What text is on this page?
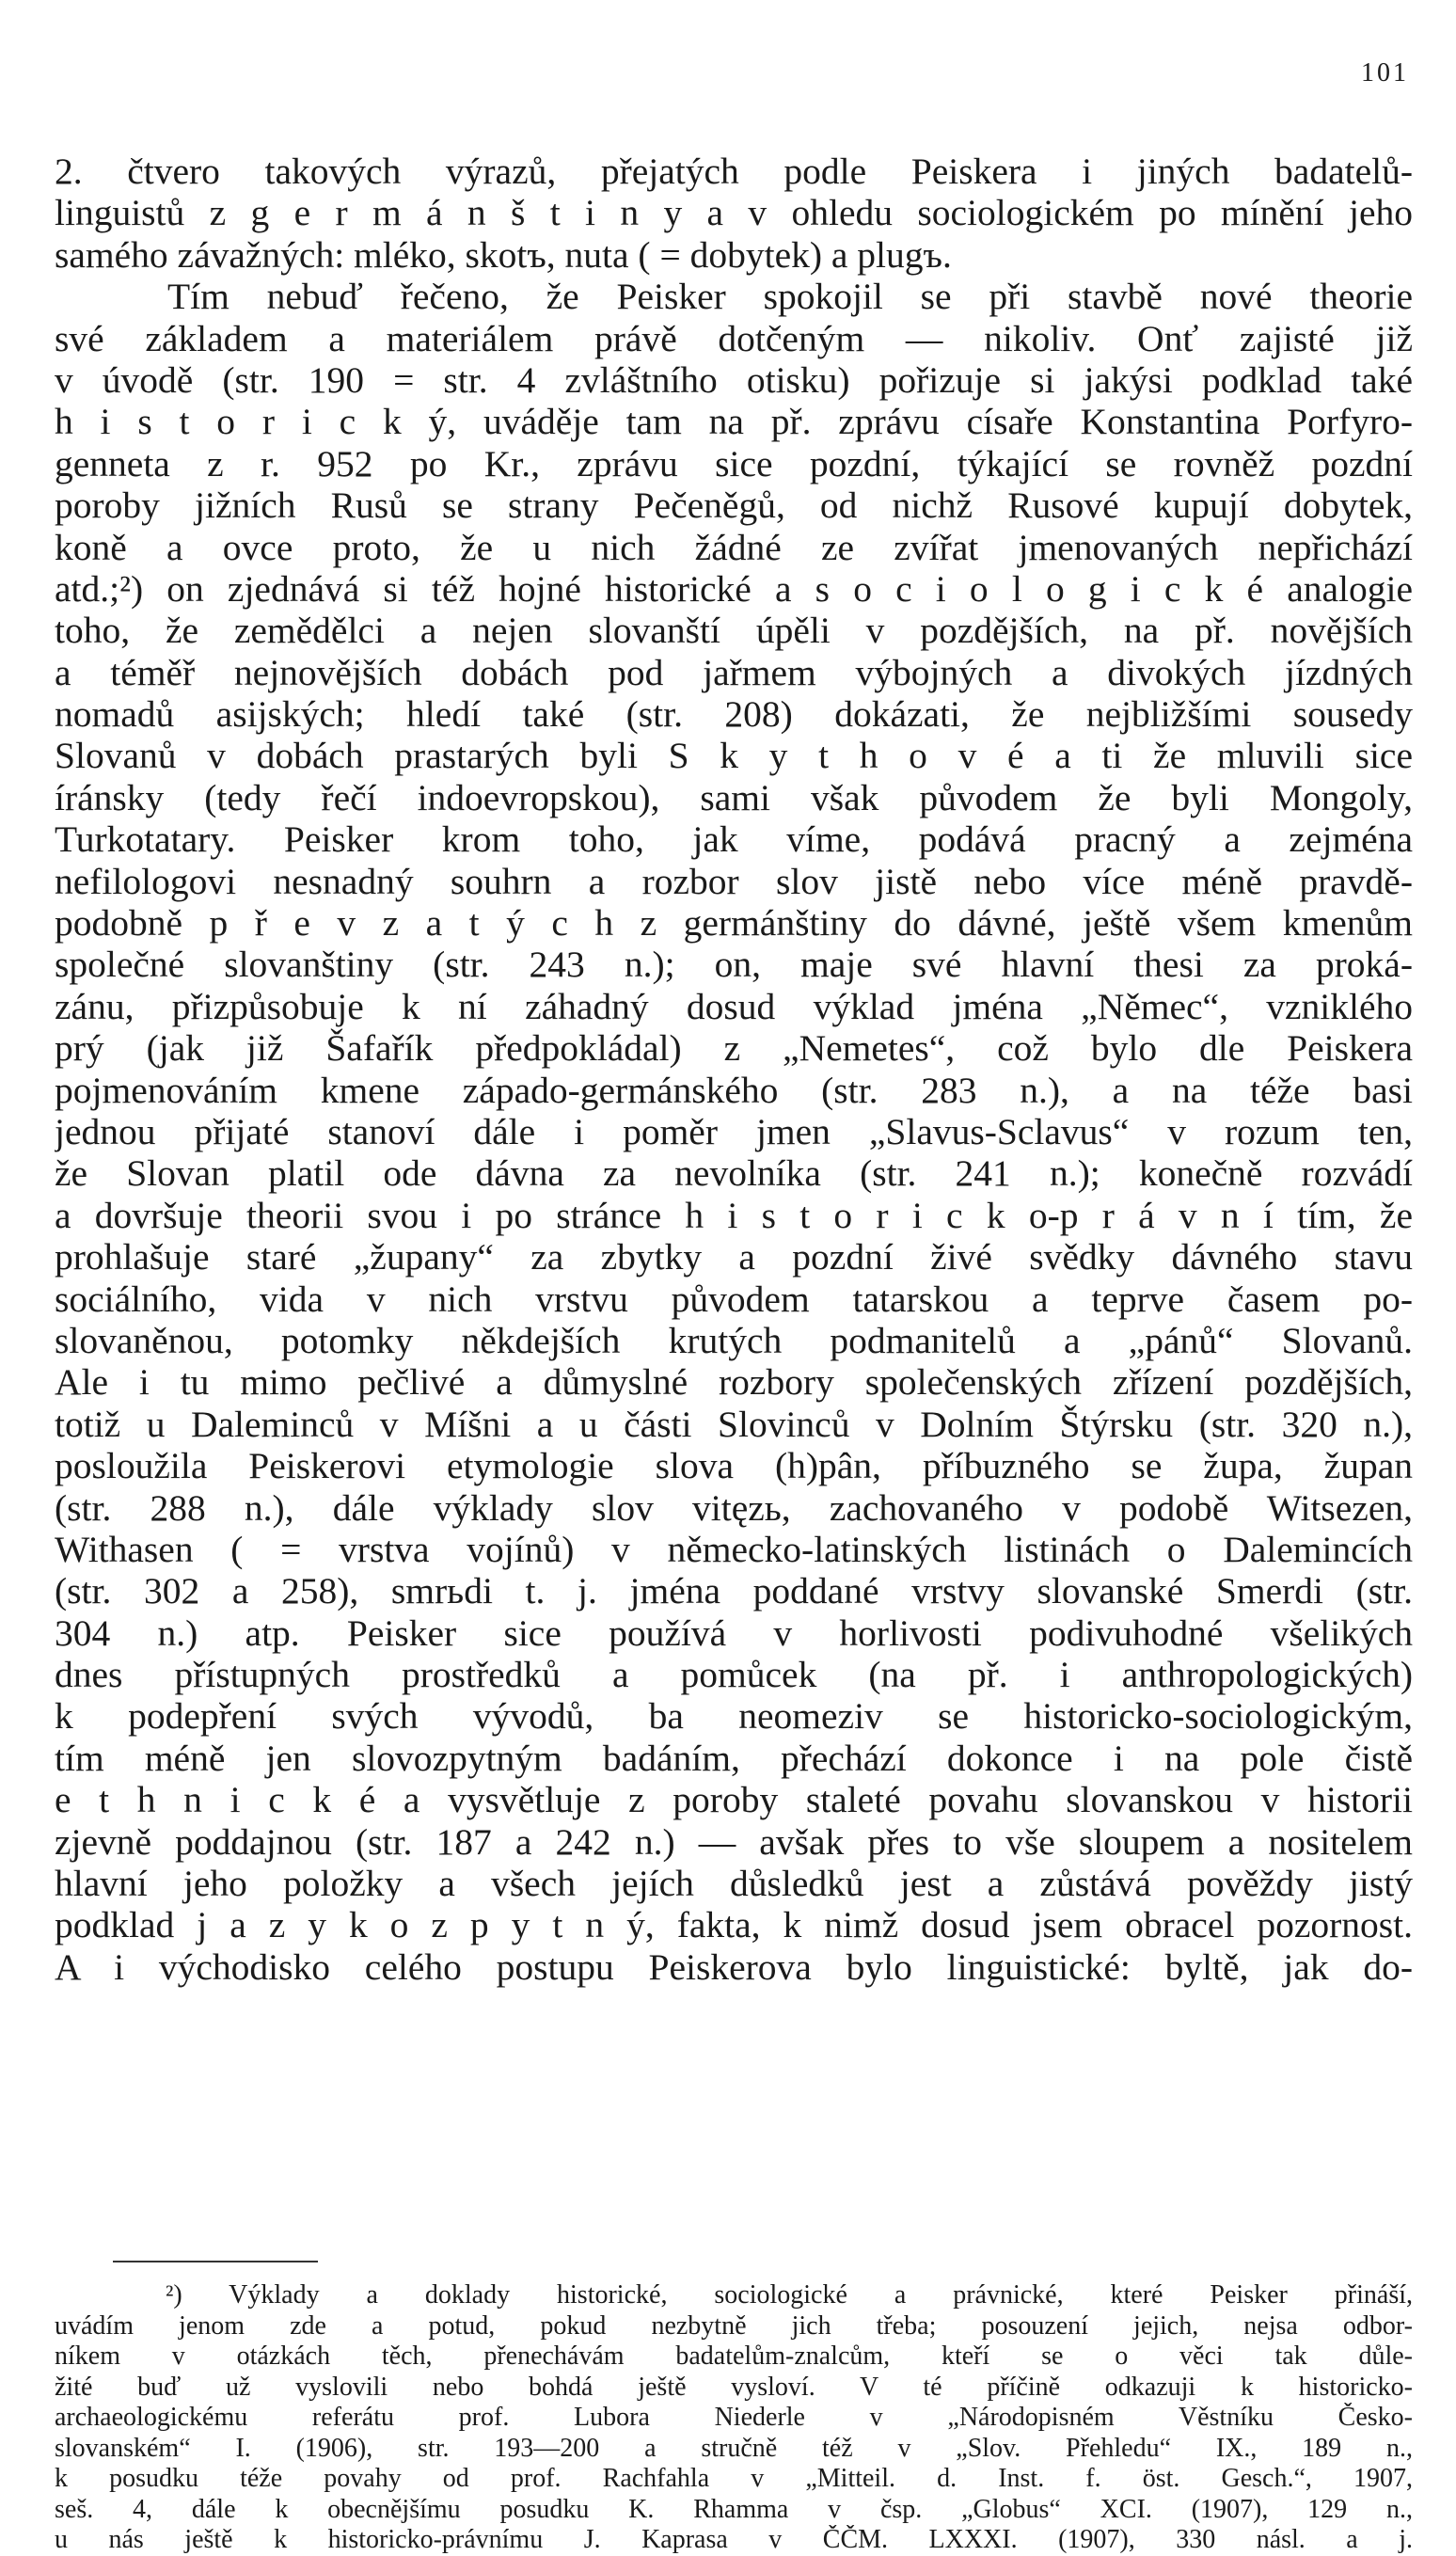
101
2. čtvero takových výrazů, přejatých podle Peiskera i jiných badatelů-
linguistů z g e r m á n š t i n y a v ohledu sociologickém po mínění jeho
samého závažných: mléko, skotъ, nuta ( = dobytek) a plugъ.
Tím nebuď řečeno, že Peisker spokojil se při stavbě nové theorie
své základem a materiálem právě dotčeným — nikoliv. Onť zajisté již
v úvodě (str. 190 = str. 4 zvláštního otisku) pořizuje si jakýsi podklad také
h i s t o r i c k ý, uváděje tam na př. zprávu císaře Konstantina Porfyro-
genneta z r. 952 po Kr., zprávu sice pozdní, týkající se rovněž pozdní
poroby jižních Rusů se strany Pečeněgů, od nichž Rusové kupují dobytek,
koně a ovce proto, že u nich žádné ze zvířat jmenovaných nepřichází
atd.;²) on zjednává si též hojné historické a s o c i o l o g i c k é analogie
toho, že zemědělci a nejen slovanští úpěli v pozdějších, na př. novějších
a téměř nejnovějších dobách pod jařmem výbojných a divokých jízdných
nomadů asijských; hledí také (str. 208) dokázati, že nejbližšími sousedy
Slovanů v dobách prastarých byli S k y t h o v é a ti že mluvili sice
íránsky (tedy řečí indoevropskou), sami však původem že byli Mongoly,
Turkotatary. Peisker krom toho, jak víme, podává pracný a zejména
nefilologovi nesnadný souhrn a rozbor slov jistě nebo více méně pravdě-
podobně p ř e v z a t ý c h z germánštiny do dávné, ještě všem kmenům
společné slovanštiny (str. 243 n.); on, maje své hlavní thesi za proká-
zánu, přizpůsobuje k ní záhadný dosud výklad jména „Němec“, vzniklého
prý (jak již Šafařík předpokládal) z „Nemetes“, což bylo dle Peiskera
pojmenováním kmene západo-germánského (str. 283 n.), a na téže basi
jednou přijaté stanoví dále i poměr jmen „Slavus-Sclavus“ v rozum ten,
že Slovan platil ode dávna za nevolníka (str. 241 n.); konečně rozvádí
a dovršuje theorii svou i po stránce h i s t o r i c k o-p r á v n í tím, že
prohlašuje staré „župany“ za zbytky a pozdní živé svědky dávného stavu
sociálního, vida v nich vrstvu původem tatarskou a teprve časem po-
slovaněnou, potomky někdejších krutých podmanitelů a „pánů“ Slovanů.
Ale i tu mimo pečlivé a důmyslné rozbory společenských zřízení pozdějších,
totiž u Daleminců v Míšni a u části Slovinců v Dolním Štýrsku (str. 320 n.),
posloužila Peiskerovi etymologie slova (h)pân, příbuzného se župa, župan
(str. 288 n.), dále výklady slov vitęzь, zachovaného v podobě Witsezen,
Withasen ( = vrstva vojínů) v německo-latinských listinách o Dalemincích
(str. 302 a 258), smrьdi t. j. jména poddané vrstvy slovanské Smerdi (str.
304 n.) atp. Peisker sice používá v horlivosti podivuhodné všelikých
dnes přístupných prostředků a pomůcek (na př. i anthropologických)
k podepření svých vývodů, ba neomeziv se historicko-sociologickým,
tím méně jen slovozpytným badáním, přechází dokonce i na pole čistě
e t h n i c k é a vysvětluje z poroby staleté povahu slovanskou v historii
zjevně poddajnou (str. 187 a 242 n.) — avšak přes to vše sloupem a nositelem
hlavní jeho položky a všech jejích důsledků jest a zůstává pověždy jistý
podklad j a z y k o z p y t n ý, fakta, k nimž dosud jsem obracel pozornost.
A i východisko celého postupu Peiskerova bylo linguistické: byltě, jak do-
²) Výklady a doklady historické, sociologické a právnické, které Peisker přináší,
uvádím jenom zde a potud, pokud nezbytně jich třeba; posouzení jejich, nejsa odbor-
níkem v otázkách těch, přenechávám badatelům-znalcům, kteří se o věci tak důle-
žité buď už vyslovili nebo bohdá ještě vysloví. V té příčině odkazuji k historicko-
archaeologickému referátu prof. Lubora Niederle v „Národopisném Věstníku Česko-
slovanském“ I. (1906), str. 193—200 a stručně též v „Slov. Přehledu“ IX., 189 n.,
k posudku téže povahy od prof. Rachfahla v „Mitteil. d. Inst. f. öst. Gesch.“, 1907,
seš. 4, dále k obecnějšímu posudku K. Rhamma v čsp. „Globus“ XCI. (1907), 129 n.,
u nás ještě k historicko-právnímu J. Kaprasa v ČČM. LXXXI. (1907), 330 násl. a j.
